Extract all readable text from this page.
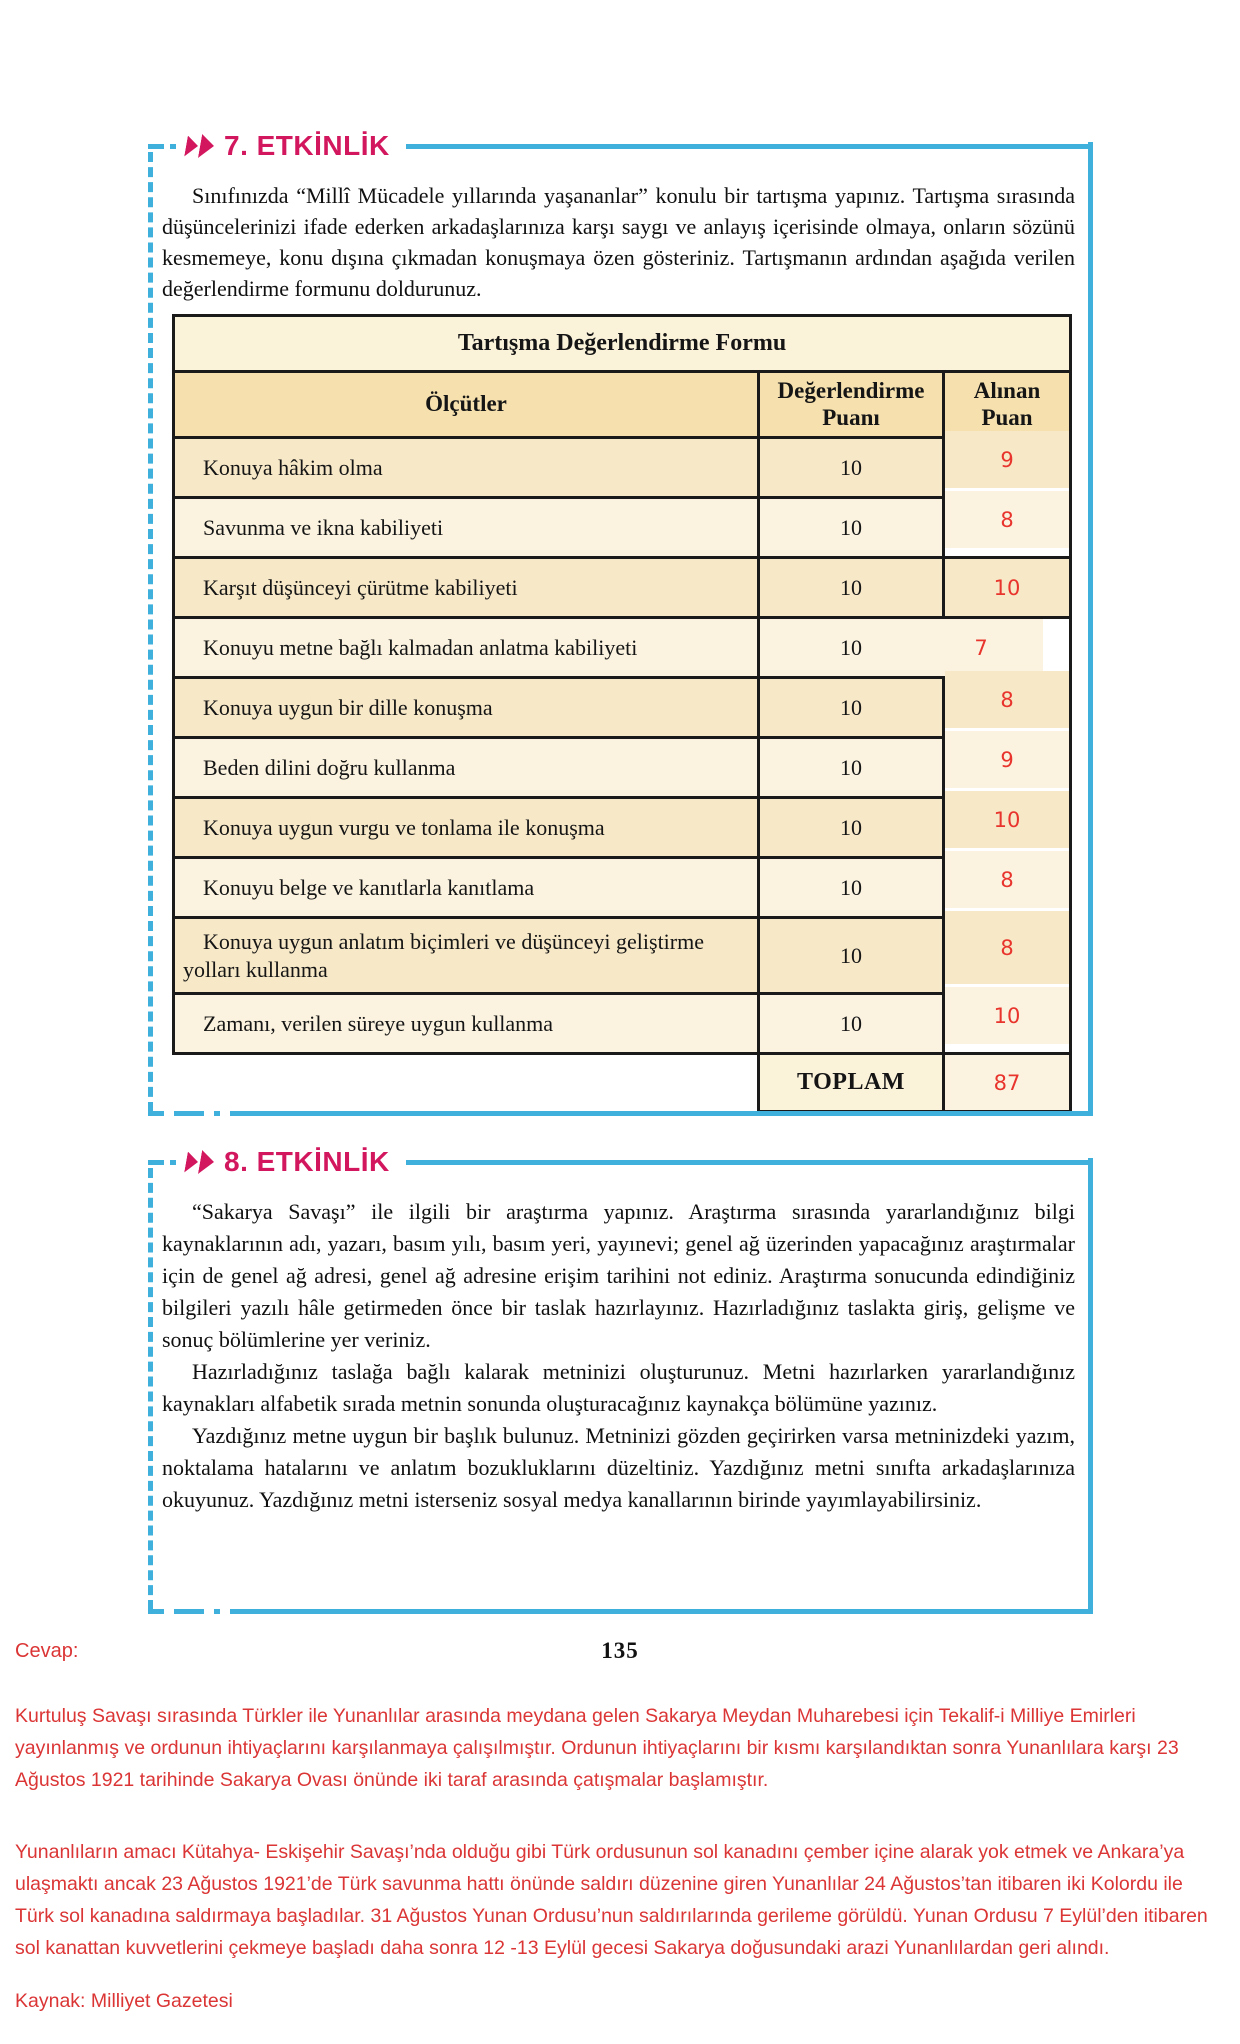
7. ETKİNLİK

Sınıfınızda “Millî Mücadele yıllarında yaşananlar” konulu bir tartışma yapınız. Tartışma sırasında düşüncelerinizi ifade ederken arkadaşlarınıza karşı saygı ve anlayış içerisinde olmaya, onların sözünü kesmemeye, konu dışına çıkmadan konuşmaya özen gösteriniz. Tartışmanın ardından aşağıda verilen değerlendirme formunu doldurunuz.

Tartışma Değerlendirme Formu		
Ölçütler	Değerlendirme Puanı	Alınan Puan
Konuya hâkim olma	10	9
Savunma ve ikna kabiliyeti	10	8
Karşıt düşünceyi çürütme kabiliyeti	10	10
Konuyu metne bağlı kalmadan anlatma kabiliyeti	10	7
Konuya uygun bir dille konuşma	10	8
Beden dilini doğru kullanma	10	9
Konuya uygun vurgu ve tonlama ile konuşma	10	10
Konuyu belge ve kanıtlarla kanıtlama	10	8
Konuya uygun anlatım biçimleri ve düşünceyi geliştirme yolları kullanma	10	8
Zamanı, verilen süreye uygun kullanma	10	10
	TOPLAM	87
8. ETKİNLİK

“Sakarya Savaşı” ile ilgili bir araştırma yapınız. Araştırma sırasında yararlandığınız bilgi kaynaklarının adı, yazarı, basım yılı, basım yeri, yayınevi; genel ağ üzerinden yapacağınız araştırmalar için de genel ağ adresi, genel ağ adresine erişim tarihini not ediniz. Araştırma sonucunda edindiğiniz bilgileri yazılı hâle getirmeden önce bir taslak hazırlayınız. Hazırladığınız taslakta giriş, gelişme ve sonuç bölümlerine yer veriniz.

Hazırladığınız taslağa bağlı kalarak metninizi oluşturunuz. Metni hazırlarken yararlandığınız kaynakları alfabetik sırada metnin sonunda oluşturacağınız kaynakça bölümüne yazınız.

Yazdığınız metne uygun bir başlık bulunuz. Metninizi gözden geçirirken varsa metninizdeki yazım, noktalama hatalarını ve anlatım bozukluklarını düzeltiniz. Yazdığınız metni sınıfta arkadaşlarınıza okuyunuz. Yazdığınız metni isterseniz sosyal medya kanallarının birinde yayımlayabilirsiniz.

Cevap:	135

Kurtuluş Savaşı sırasında Türkler ile Yunanlılar arasında meydana gelen Sakarya Meydan Muharebesi için Tekalif-i Milliye Emirleri yayınlanmış ve ordunun ihtiyaçlarını karşılanmaya çalışılmıştır. Ordunun ihtiyaçlarını bir kısmı karşılandıktan sonra Yunanlılara karşı 23 Ağustos 1921 tarihinde Sakarya Ovası önünde iki taraf arasında çatışmalar başlamıştır.

Yunanlıların amacı Kütahya- Eskişehir Savaşı’nda olduğu gibi Türk ordusunun sol kanadını çember içine alarak yok etmek ve Ankara’ya ulaşmaktı ancak 23 Ağustos 1921’de Türk savunma hattı önünde saldırı düzenine giren Yunanlılar 24 Ağustos’tan itibaren iki Kolordu ile Türk sol kanadına saldırmaya başladılar. 31 Ağustos Yunan Ordusu’nun saldırılarında gerileme görüldü. Yunan Ordusu 7 Eylül’den itibaren sol kanattan kuvvetlerini çekmeye başladı daha sonra 12 -13 Eylül gecesi Sakarya doğusundaki arazi Yunanlılardan geri alındı.

Kaynak: Milliyet Gazetesi
